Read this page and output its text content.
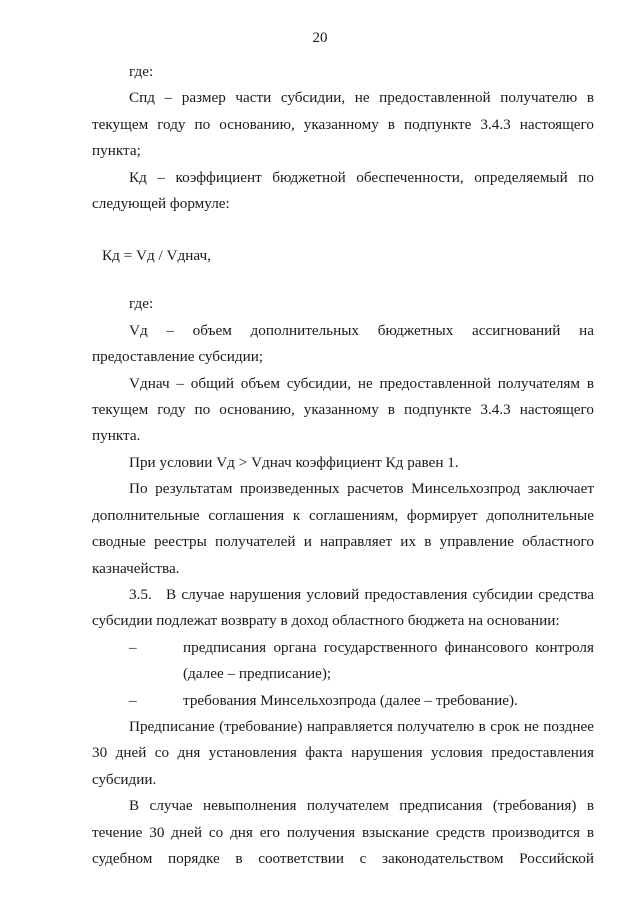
20

где:

Спд – размер части субсидии, не предоставленной получателю в текущем году по основанию, указанному в подпункте 3.4.3 настоящего пункта;

Кд – коэффициент бюджетной обеспеченности, определяемый по следующей формуле:

Кд = Vд / Vднач,

где:

Vд – объем дополнительных бюджетных ассигнований на предоставление субсидии;

Vднач – общий объем субсидии, не предоставленной получателям в текущем году по основанию, указанному в подпункте 3.4.3 настоящего пункта.

При условии Vд > Vднач коэффициент Кд равен 1.

По результатам произведенных расчетов Минсельхозпрод заключает дополнительные соглашения к соглашениям, формирует дополнительные сводные реестры получателей и направляет их в управление областного казначейства.

3.5. В случае нарушения условий предоставления субсидии средства субсидии подлежат возврату в доход областного бюджета на основании:

–	предписания органа государственного финансового контроля (далее – предписание);
–	требования Минсельхозпрода (далее – требование).

Предписание (требование) направляется получателю в срок не позднее 30 дней со дня установления факта нарушения условия предоставления субсидии.

В случае невыполнения получателем предписания (требования) в течение 30 дней со дня его получения взыскание средств производится в судебном порядке в соответствии с законодательством Российской
